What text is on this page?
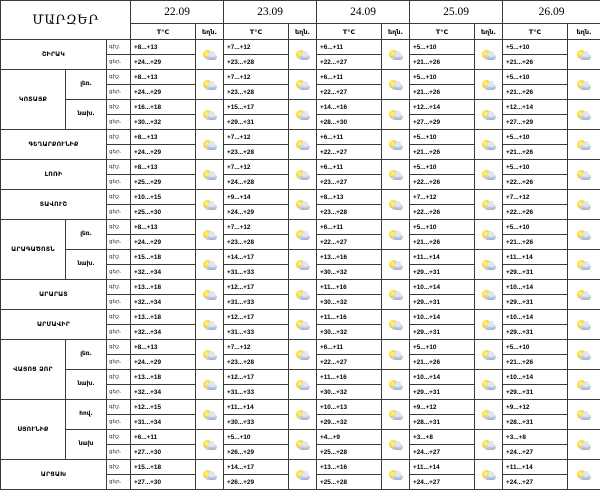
ՄԱՐԶԵՐ			22.09		23.09		24.09		25.09		26.09	
			T°C	եղն.	T°C	եղն.	T°C	եղն.	T°C	եղն.	T°C	եղն.
ՇԻՐԱԿ		գիշ.	+8...+13		+7...+12		+6...+11		+5...+10		+5...+10	

		ցեր.	+24...+29		+23...+28		+22...+27		+21...+26		+21...+26	
ԿՈՏԱՅՔ	լեռ.	գիշ.	+8...+13		+7...+12		+6...+11		+5...+10		+5...+10	

		ցեր.	+24...+29		+23...+28		+22...+27		+21...+26		+21...+26	
	նախ.	գիշ.	+16...+18		+15...+17		+14...+16		+12...+14		+12...+14	

		ցեր.	+30...+32		+29...+31		+28...+30		+27...+29		+27...+29	
ԳԵՂԱՐՔՈՒՆԻՔ		գիշ.	+8...+13		+7...+12		+6...+11		+5...+10		+5...+10	

		ցեր.	+24...+29		+23...+28		+22...+27		+21...+26		+21...+26	
ԼՈՌԻ		գիշ.	+8...+13		+7...+12		+6...+11		+5...+10		+5...+10	

		ցեր.	+25...+29		+24...+28		+23...+27		+22...+26		+22...+26	
ՏԱՎՈՒՇ		գիշ.	+10...+15		+9...+14		+8...+13		+7...+12		+7...+12	

		ցեր.	+25...+30		+24...+29		+23...+28		+22...+26		+22...+26	
ԱՐԱԳԱԾՈՏՆ	լեռ.	գիշ.	+8...+13		+7...+12		+6...+11		+5...+10		+5...+10	

		ցեր.	+24...+29		+23...+28		+22...+27		+21...+26		+21...+26	
	նախ.	գիշ.	+15...+18		+14...+17		+13...+16		+11...+14		+11...+14	

		ցեր.	+32...+34		+31...+33		+30...+32		+29...+31		+29...+31	
ԱՐԱՐԱՏ		գիշ.	+13...+18		+12...+17		+11...+16		+10...+14		+10...+14	

		ցեր.	+32...+34		+31...+33		+30...+32		+29...+31		+29...+31	
ԱՐՄԱՎԻՐ		գիշ.	+13...+18		+12...+17		+11...+16		+10...+14		+10...+14	

		ցեր.	+32...+34		+31...+33		+30...+32		+29...+31		+29...+31	
ՎԱՅՈՑ ՁՈՐ	լեռ.	գիշ.	+8...+13		+7...+12		+6...+11		+5...+10		+5...+10	

		ցեր.	+24...+29		+23...+28		+22...+27		+21...+26		+21...+26	
	նախ.	գիշ.	+13...+18		+12...+17		+11...+16		+10...+14		+10...+14	

		ցեր.	+32...+34		+31...+33		+30...+32		+29...+31		+29...+31	
ՍՅՈՒՆԻՔ	հով.	գիշ.	+12...+15		+11...+14		+10...+13		+9...+12		+9...+12	

		ցեր.	+31...+34		+30...+33		+29...+32		+28...+31		+28...+31	
	նախ	գիշ.	+6...+11		+5...+10		+4...+9		+3...+8		+3...+8	

		ցեր.	+27...+30		+26...+29		+25...+28		+24...+27		+24...+27	
ԱՐՑԱԽ		գիշ.	+15...+18		+14...+17		+13...+16		+11...+14		+11...+14	

		ցեր.	+27...+30		+26...+29		+25...+28		+24...+27		+24...+27	
